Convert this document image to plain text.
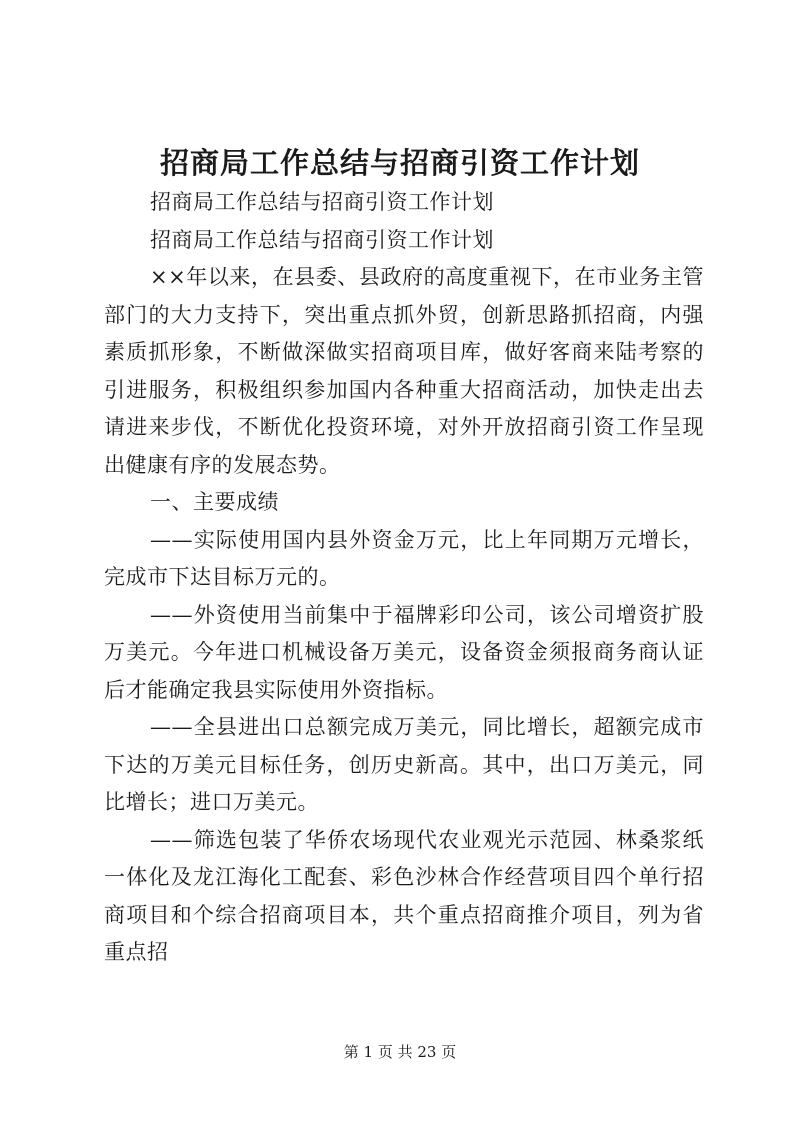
招商局工作总结与招商引资工作计划

招商局工作总结与招商引资工作计划

招商局工作总结与招商引资工作计划

××年以来，在县委、县政府的高度重视下，在市业务主管部门的大力支持下，突出重点抓外贸，创新思路抓招商，内强素质抓形象，不断做深做实招商项目库，做好客商来陆考察的引进服务，积极组织参加国内各种重大招商活动，加快走出去请进来步伐，不断优化投资环境，对外开放招商引资工作呈现出健康有序的发展态势。

一、主要成绩

——实际使用国内县外资金万元，比上年同期万元增长，完成市下达目标万元的。

——外资使用当前集中于福牌彩印公司，该公司增资扩股万美元。今年进口机械设备万美元，设备资金须报商务商认证后才能确定我县实际使用外资指标。

——全县进出口总额完成万美元，同比增长，超额完成市下达的万美元目标任务，创历史新高。其中，出口万美元，同比增长；进口万美元。

——筛选包装了华侨农场现代农业观光示范园、林桑浆纸一体化及龙江海化工配套、彩色沙林合作经营项目四个单行招商项目和个综合招商项目本，共个重点招商推介项目，列为省重点招

第 1 页 共 23 页
